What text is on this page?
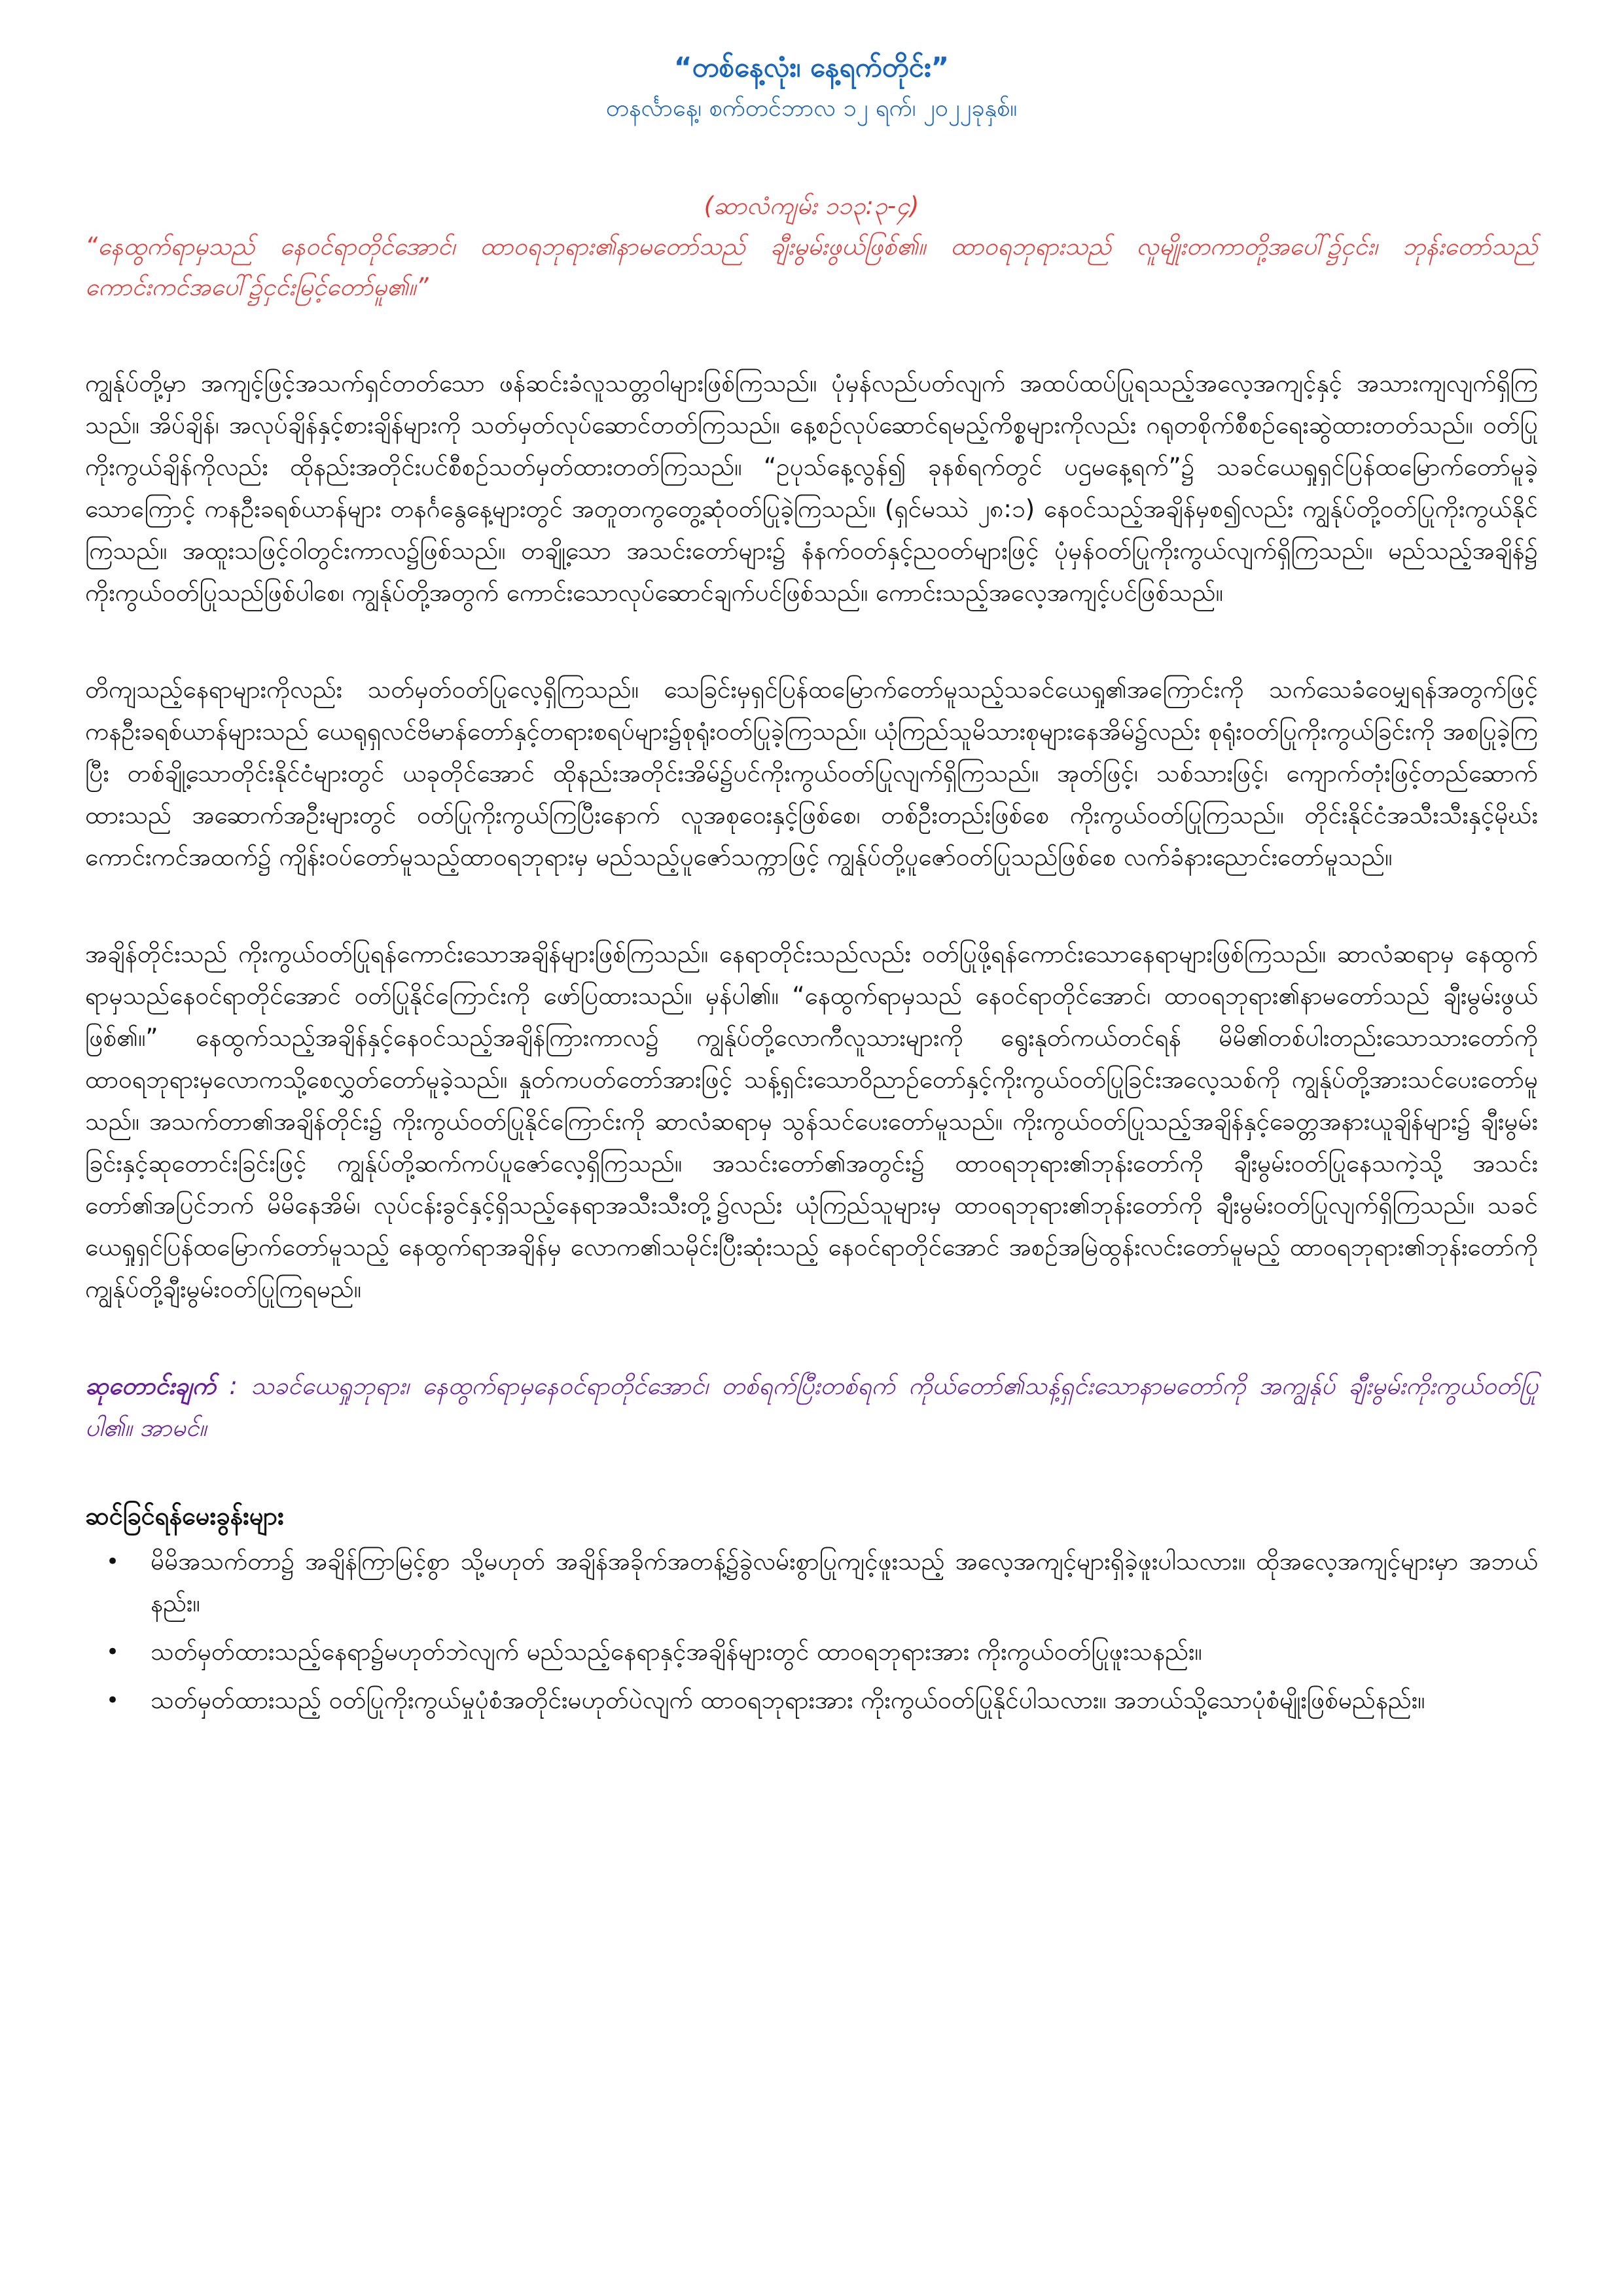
“တစ်နေ့လုံး၊ နေ့ရက်တိုင်း”

တနင်္လာနေ့၊ စက်တင်ဘာလ ၁၂ ရက်၊ ၂၀၂၂ခုနှစ်။

(ဆာလံကျမ်း ၁၁၃:၃-၄)

“နေထွက်ရာမှသည် နေဝင်ရာတိုင်အောင်၊ ထာဝရဘုရား၏နာမတော်သည် ချီးမွမ်းဖွယ်ဖြစ်၏။ ထာဝရဘုရားသည် လူမျိုးတကာတို့အပေါ်၌ငှင်း၊ ဘုန်းတော်သည် ကောင်းကင်အပေါ်၌ငှင်းမြင့်တော်မူ၏။”

ကျွန်ုပ်တို့မှာ အကျင့်ဖြင့်အသက်ရှင်တတ်သော ဖန်ဆင်းခံလူသတ္တဝါများဖြစ်ကြသည်။ ပုံမှန်လည်ပတ်လျက် အထပ်ထပ်ပြုရသည့်အလေ့အကျင့်နှင့် အသားကျလျက်ရှိကြသည်။ အိပ်ချိန်၊ အလုပ်ချိန်နှင့်စားချိန်များကို သတ်မှတ်လုပ်ဆောင်တတ်ကြသည်။ နေ့စဉ်လုပ်ဆောင်ရမည့်ကိစ္စများကိုလည်း ဂရုတစိုက်စီစဉ်ရေးဆွဲထားတတ်သည်။ ဝတ်ပြုကိုးကွယ်ချိန်ကိုလည်း ထိုနည်းအတိုင်းပင်စီစဉ်သတ်မှတ်ထားတတ်ကြသည်။ “ဥပုသ်နေ့လွန်၍ ခုနစ်ရက်တွင် ပဌမနေ့ရက်”၌ သခင်ယေရှုရှင်ပြန်ထမြောက်တော်မူခဲ့သောကြောင့် ကနဦးခရစ်ယာန်များ တနင်္ဂနွေနေ့များတွင် အတူတကွတွေ့ဆုံဝတ်ပြုခဲ့ကြသည်။ (ရှင်မဿဲ ၂၈:၁) နေဝင်သည့်အချိန်မှစ၍လည်း ကျွန်ုပ်တို့ဝတ်ပြုကိုးကွယ်နိုင်ကြသည်။ အထူးသဖြင့်ဝါတွင်းကာလ၌ဖြစ်သည်။ တချို့သော အသင်းတော်များ၌ နံနက်ဝတ်နှင့်ညဝတ်များဖြင့် ပုံမှန်ဝတ်ပြုကိုးကွယ်လျက်ရှိကြသည်။ မည်သည့်အချိန်၌ ကိုးကွယ်ဝတ်ပြုသည်ဖြစ်ပါစေ၊ ကျွန်ုပ်တို့အတွက် ကောင်းသောလုပ်ဆောင်ချက်ပင်ဖြစ်သည်။ ကောင်းသည့်အလေ့အကျင့်ပင်ဖြစ်သည်။

တိကျသည့်နေရာများကိုလည်း သတ်မှတ်ဝတ်ပြုလေ့ရှိကြသည်။ သေခြင်းမှရှင်ပြန်ထမြောက်တော်မူသည့်သခင်ယေရှု၏အကြောင်းကို သက်သေခံဝေမျှရန်အတွက်ဖြင့် ကနဦးခရစ်ယာန်များသည် ယေရုရှလင်ဗိမာန်တော်နှင့်တရားစရပ်များ၌စုရုံးဝတ်ပြုခဲ့ကြသည်။ ယုံကြည်သူမိသားစုများနေအိမ်၌လည်း စုရုံးဝတ်ပြုကိုးကွယ်ခြင်းကို အစပြုခဲ့ကြပြီး တစ်ချို့သောတိုင်းနိုင်ငံများတွင် ယခုတိုင်အောင် ထိုနည်းအတိုင်းအိမ်၌ပင်ကိုးကွယ်ဝတ်ပြုလျက်ရှိကြသည်။ အုတ်ဖြင့်၊ သစ်သားဖြင့်၊ ကျောက်တုံးဖြင့်တည်ဆောက်ထားသည် အဆောက်အဦးများတွင် ဝတ်ပြုကိုးကွယ်ကြပြီးနောက် လူအစုဝေးနှင့်ဖြစ်စေ၊ တစ်ဦးတည်းဖြစ်စေ ကိုးကွယ်ဝတ်ပြုကြသည်။ တိုင်းနိုင်ငံအသီးသီးနှင့်မိုဃ်းကောင်းကင်အထက်၌ ကျိန်းဝပ်တော်မူသည့်ထာဝရဘုရားမှ မည်သည့်ပူဇော်သက္ကာဖြင့် ကျွန်ုပ်တို့ပူဇော်ဝတ်ပြုသည်ဖြစ်စေ လက်ခံနားညောင်းတော်မူသည်။

အချိန်တိုင်းသည် ကိုးကွယ်ဝတ်ပြုရန်ကောင်းသောအချိန်များဖြစ်ကြသည်။ နေရာတိုင်းသည်လည်း ဝတ်ပြုဖို့ရန်ကောင်းသောနေရာများဖြစ်ကြသည်။ ဆာလံဆရာမှ နေထွက်ရာမှသည်နေဝင်ရာတိုင်အောင် ဝတ်ပြုနိုင်ကြောင်းကို ဖော်ပြထားသည်။ မှန်ပါ၏။ “နေထွက်ရာမှသည် နေဝင်ရာတိုင်အောင်၊ ထာဝရဘုရား၏နာမတော်သည် ချီးမွမ်းဖွယ်ဖြစ်၏။” နေထွက်သည့်အချိန်နှင့်နေဝင်သည့်အချိန်ကြားကာလ၌ ကျွန်ုပ်တို့လောကီလူသားများကို ရွေးနုတ်ကယ်တင်ရန် မိမိ၏တစ်ပါးတည်းသောသားတော်ကို ထာဝရဘုရားမှလောကသို့စေလွှတ်တော်မူခဲ့သည်။ နှုတ်ကပတ်တော်အားဖြင့် သန့်ရှင်းသောဝိညာဉ်တော်နှင့်ကိုးကွယ်ဝတ်ပြုခြင်းအလေ့သစ်ကို ကျွန်ုပ်တို့အားသင်ပေးတော်မူသည်။ အသက်တာ၏အချိန်တိုင်း၌ ကိုးကွယ်ဝတ်ပြုနိုင်ကြောင်းကို ဆာလံဆရာမှ သွန်သင်ပေးတော်မူသည်။ ကိုးကွယ်ဝတ်ပြုသည့်အချိန်နှင့်ခေတ္တအနားယူချိန်များ၌ ချီးမွမ်းခြင်းနှင့်ဆုတောင်းခြင်းဖြင့် ကျွန်ုပ်တို့ဆက်ကပ်ပူဇော်လေ့ရှိကြသည်။ အသင်းတော်၏အတွင်း၌ ထာဝရဘုရား၏ဘုန်းတော်ကို ချီးမွမ်းဝတ်ပြုနေသကဲ့သို့ အသင်းတော်၏အပြင်ဘက် မိမိနေအိမ်၊ လုပ်ငန်းခွင်နှင့်ရှိသည့်နေရာအသီးသီးတို့၌လည်း ယုံကြည်သူများမှ ထာဝရဘုရား၏ဘုန်းတော်ကို ချီးမွမ်းဝတ်ပြုလျက်ရှိကြသည်။ သခင်ယေရှုရှင်ပြန်ထမြောက်တော်မူသည့် နေထွက်ရာအချိန်မှ လောက၏သမိုင်းပြီးဆုံးသည့် နေဝင်ရာတိုင်အောင် အစဉ်အမြဲထွန်းလင်းတော်မူမည့် ထာဝရဘုရား၏ဘုန်းတော်ကို ကျွန်ုပ်တို့ချီးမွမ်းဝတ်ပြုကြရမည်။

ဆုတောင်းချက် : သခင်ယေရှုဘုရား၊ နေထွက်ရာမှနေဝင်ရာတိုင်အောင်၊ တစ်ရက်ပြီးတစ်ရက် ကိုယ်တော်၏သန့်ရှင်းသောနာမတော်ကို အကျွန်ုပ် ချီးမွမ်းကိုးကွယ်ဝတ်ပြုပါ၏။ အာမင်။

ဆင်ခြင်ရန်မေးခွန်းများ

• မိမိအသက်တာ၌ အချိန်ကြာမြင့်စွာ သို့မဟုတ် အချိန်အခိုက်အတန့်၌ခွဲလမ်းစွာပြုကျင့်ဖူးသည့် အလေ့အကျင့်များရှိခဲ့ဖူးပါသလား။ ထိုအလေ့အကျင့်များမှာ အဘယ်နည်း။
• သတ်မှတ်ထားသည့်နေရာ၌မဟုတ်ဘဲလျက် မည်သည့်နေရာနှင့်အချိန်များတွင် ထာဝရဘုရားအား ကိုးကွယ်ဝတ်ပြုဖူးသနည်း။
• သတ်မှတ်ထားသည့် ဝတ်ပြုကိုးကွယ်မှုပုံစံအတိုင်းမဟုတ်ပဲလျက် ထာဝရဘုရားအား ကိုးကွယ်ဝတ်ပြုနိုင်ပါသလား။ အဘယ်သို့သောပုံစံမျိုးဖြစ်မည်နည်း။
